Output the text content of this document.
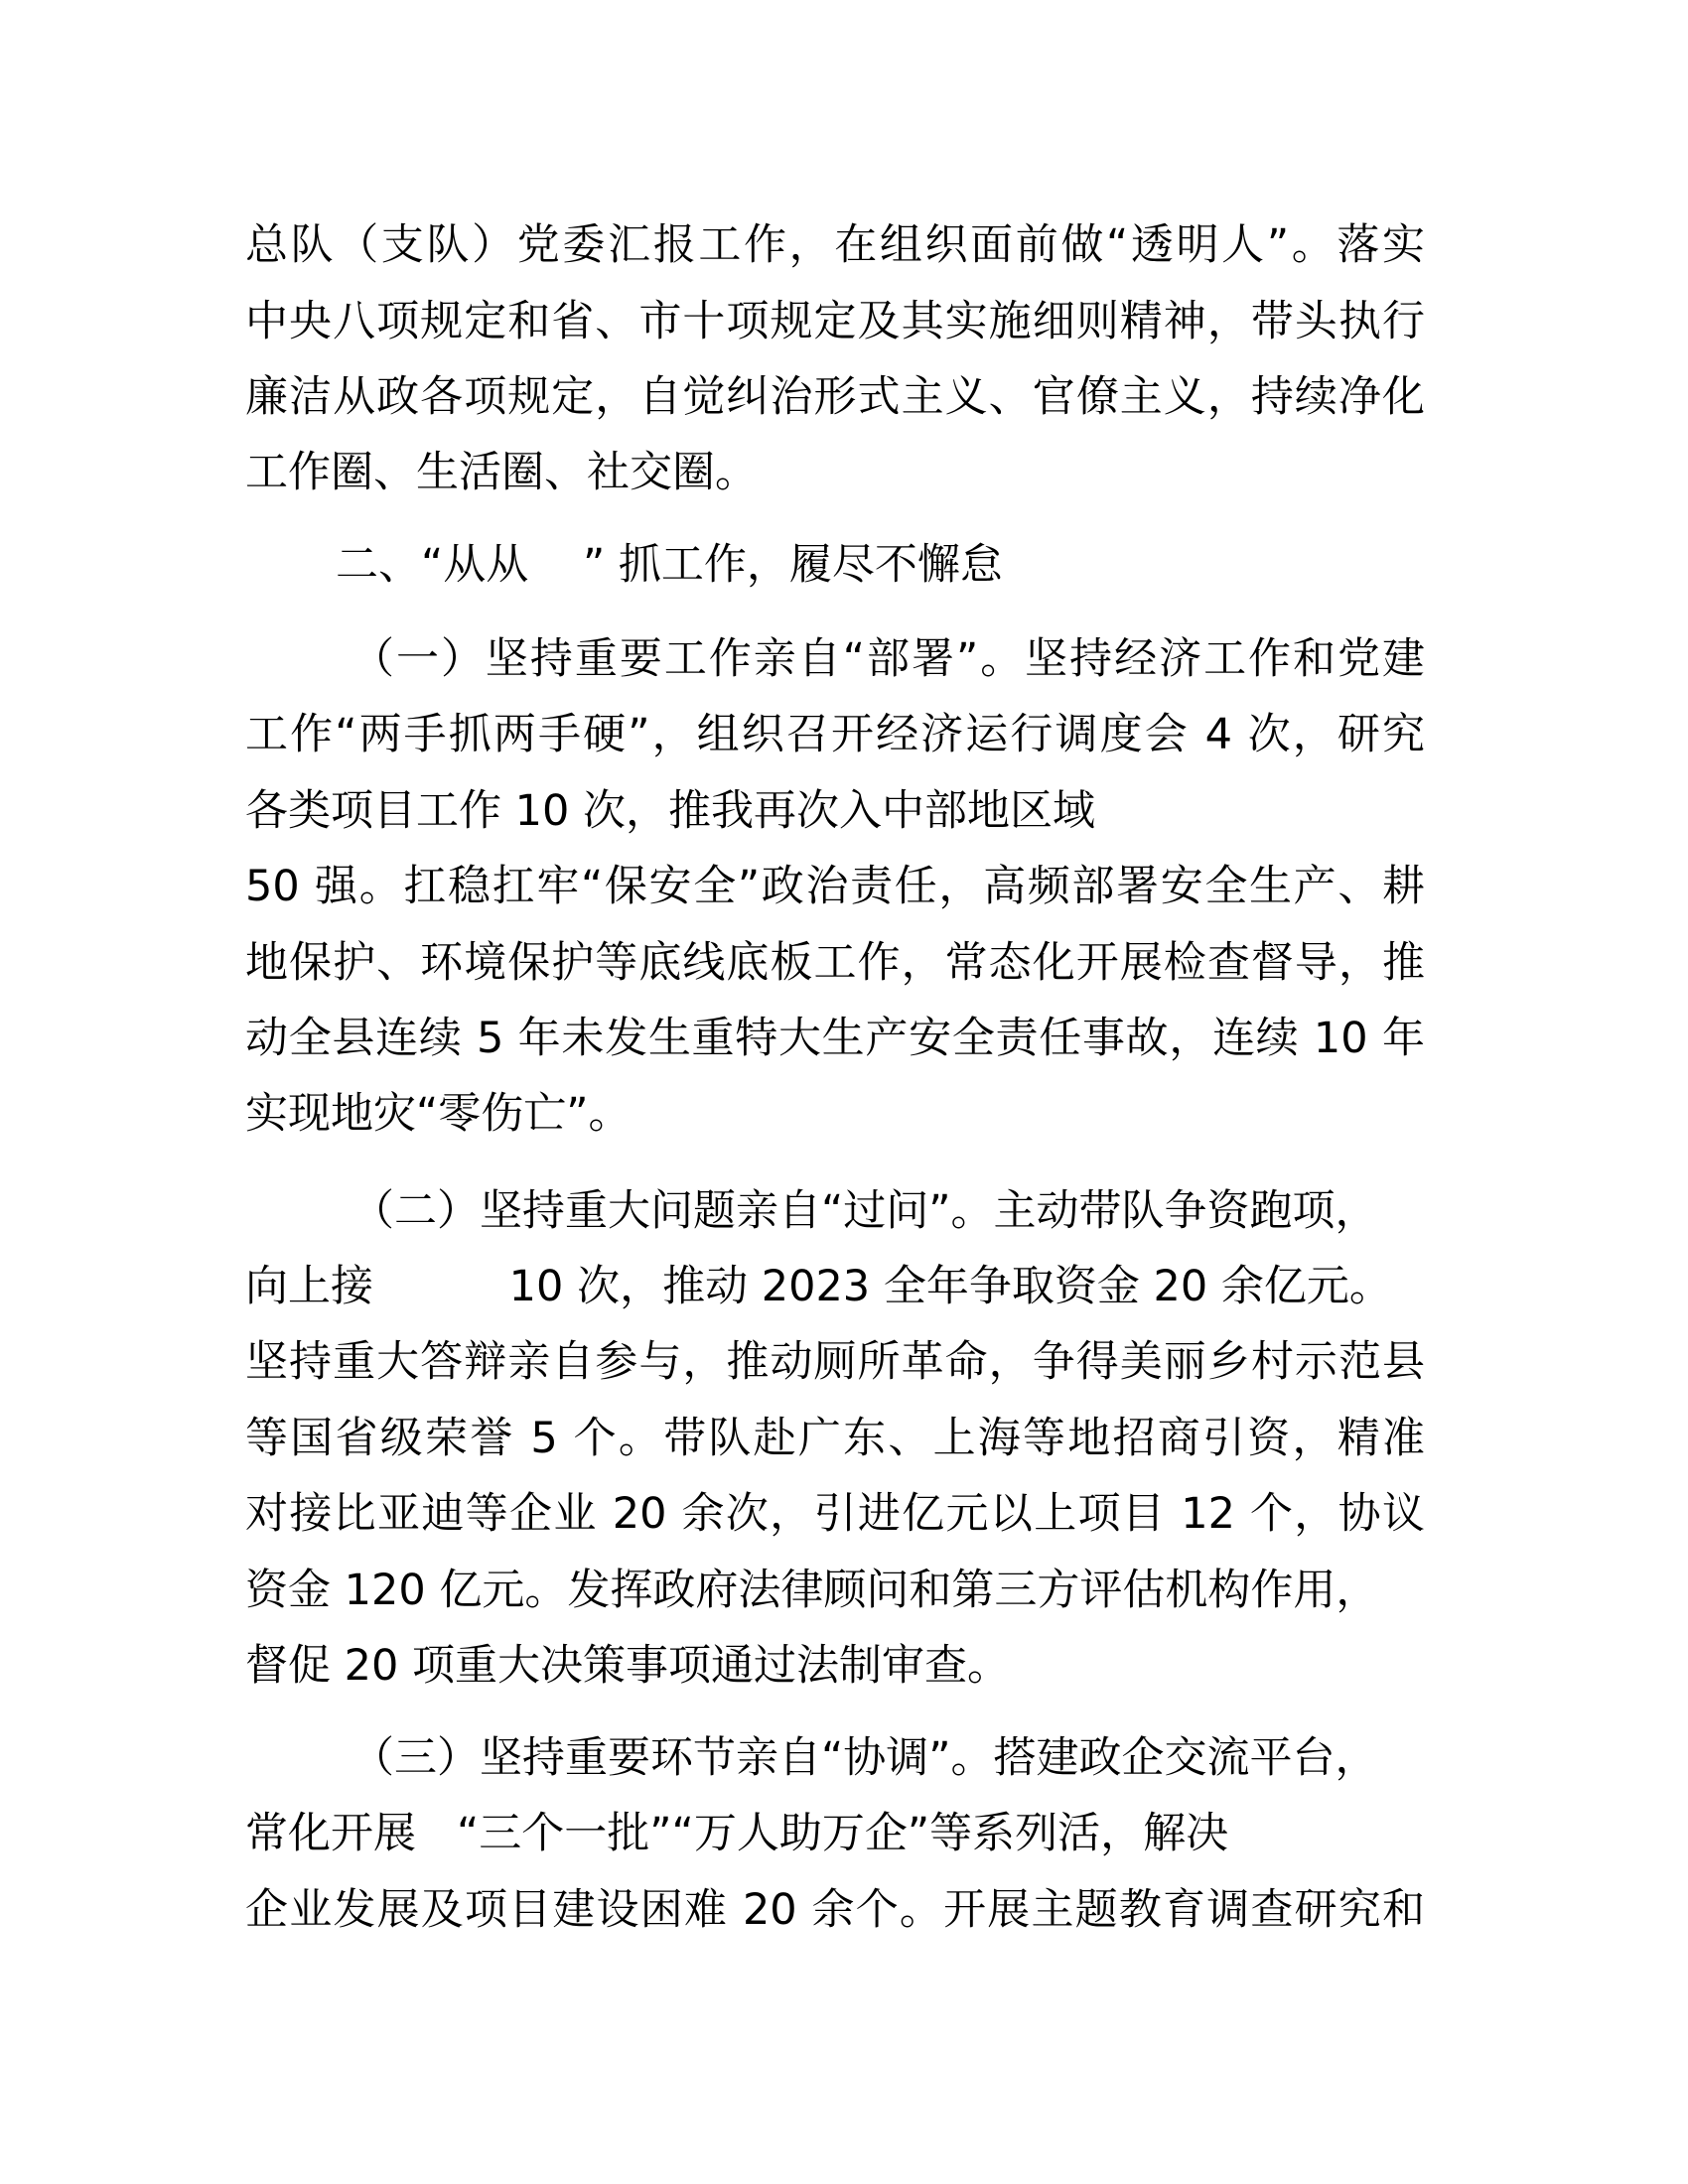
总队（支队）党委汇报工作，在组织面前做“透明人”。落实
中央八项规定和省、市十项规定及其实施细则精神，带头执行
廉洁从政各项规定，自觉纠治形式主义、官僚主义，持续净化
工作圈、生活圈、社交圈。
二、“从从    ” 抓工作，履尽不懈怠
（一）坚持重要工作亲自“部署”。坚持经济工作和党建
工作“两手抓两手硬”，组织召开经济运行调度会 4 次，研究
各类项目工作 10 次，推我再次入中部地区域
50 强。扛稳扛牢“保安全”政治责任，高频部署安全生产、耕
地保护、环境保护等底线底板工作，常态化开展检查督导，推
动全县连续 5 年未发生重特大生产安全责任事故，连续 10 年
实现地灾“零伤亡”。
（二）坚持重大问题亲自“过问”。主动带队争资跑项，
向上接          10 次，推动 2023 全年争取资金 20 余亿元。
坚持重大答辩亲自参与，推动厕所革命，争得美丽乡村示范县
等国省级荣誉 5 个。带队赴广东、上海等地招商引资，精准
对接比亚迪等企业 20 余次，引进亿元以上项目 12 个，协议
资金 120 亿元。发挥政府法律顾问和第三方评估机构作用，
督促 20 项重大决策事项通过法制审查。
（三）坚持重要环节亲自“协调”。搭建政企交流平台，
常化开展   “三个一批”“万人助万企”等系列活，解决
企业发展及项目建设困难 20 余个。开展主题教育调查研究和
